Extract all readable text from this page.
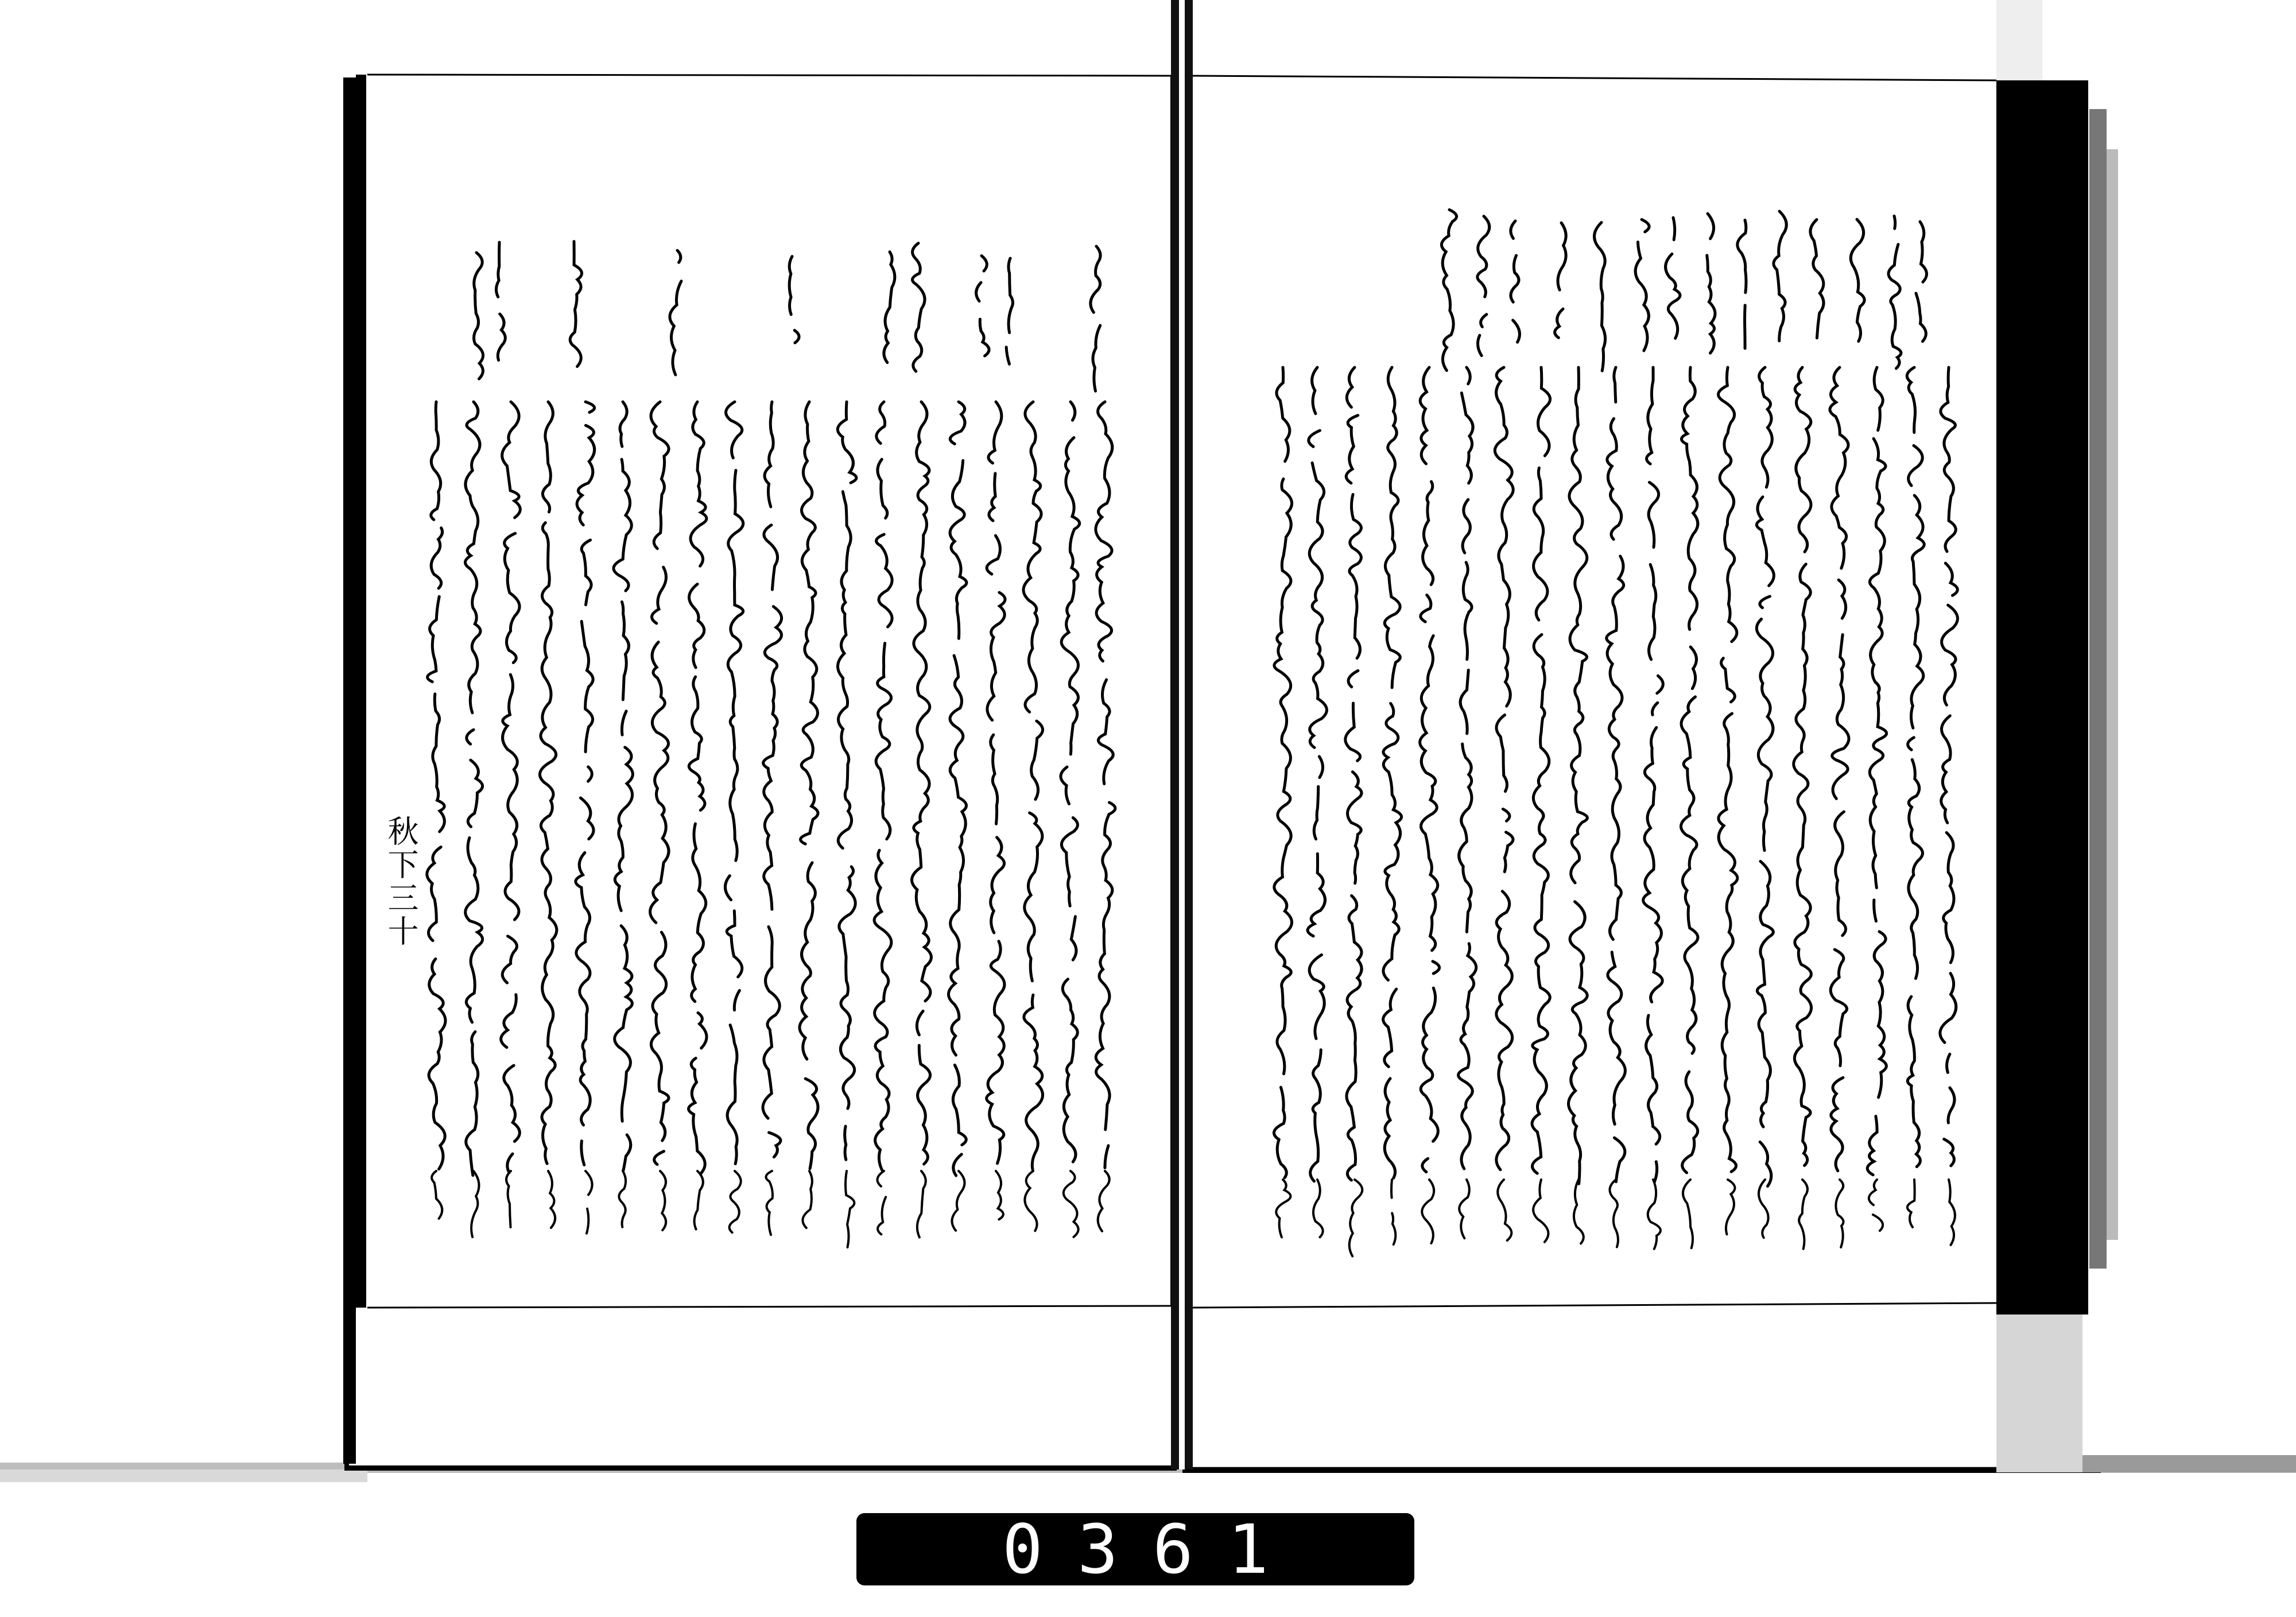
秋下三十
0361
